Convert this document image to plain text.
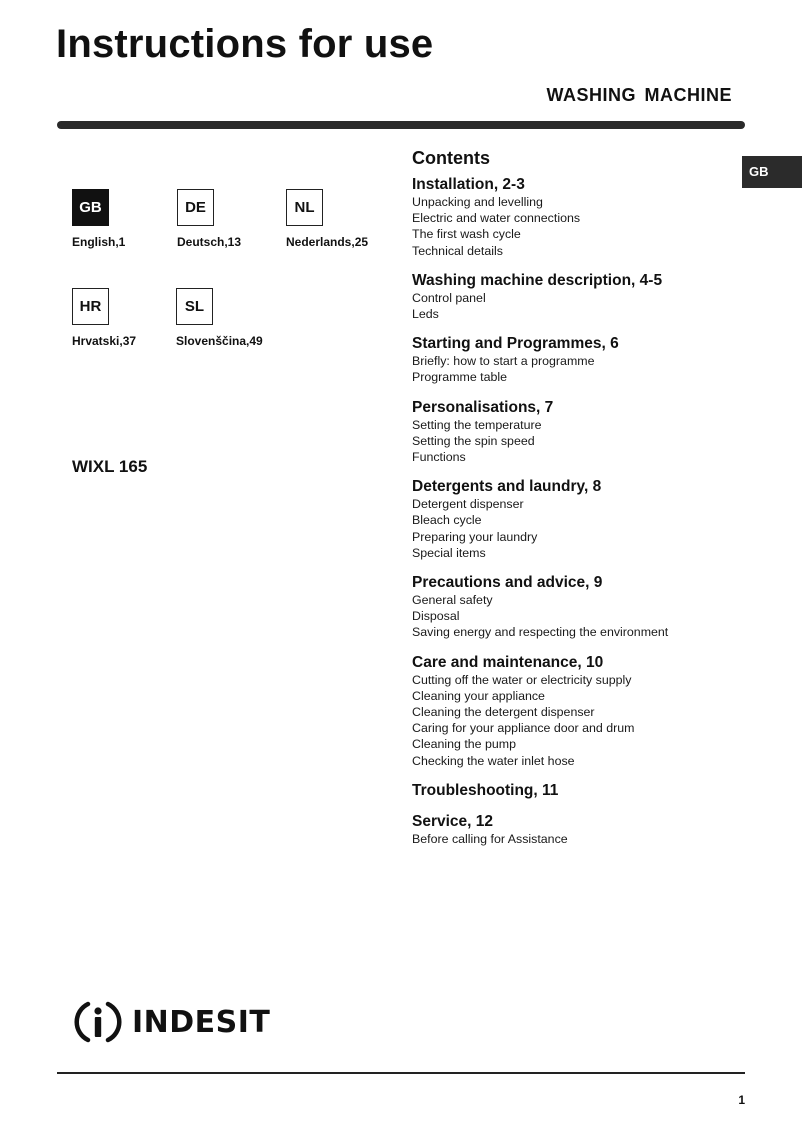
Instructions for use
WASHING MACHINE
GB
GB
English,1
DE
Deutsch,13
NL
Nederlands,25
HR
Hrvatski,37
SL
Slovenščina,49
WIXL 165
Contents
Installation, 2-3
Unpacking and levelling
Electric and water connections
The first wash cycle
Technical details
Washing machine description, 4-5
Control panel
Leds
Starting and Programmes, 6
Briefly: how to start a programme
Programme table
Personalisations, 7
Setting the temperature
Setting the spin speed
Functions
Detergents and laundry, 8
Detergent dispenser
Bleach cycle
Preparing your laundry
Special items
Precautions and advice, 9
General safety
Disposal
Saving energy and respecting the environment
Care and maintenance, 10
Cutting off the water or electricity supply
Cleaning your appliance
Cleaning the detergent dispenser
Caring for your appliance door and drum
Cleaning the pump
Checking the water inlet hose
Troubleshooting, 11
Service, 12
Before calling for Assistance
INDESIT
1
